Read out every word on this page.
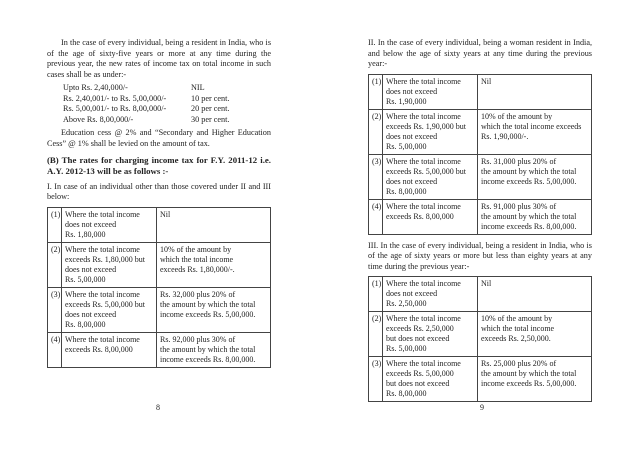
In the case of every individual, being a resident in India, who is of the age of sixty-five years or more at any time during the previous year, the new rates of income tax on total income in such cases shall be as under:-

Upto Rs. 2,40,000/-	NIL
Rs. 2,40,001/- to Rs. 5,00,000/-	10 per cent.
Rs. 5,00,001/- to Rs. 8,00,000/-	20 per cent.
Above Rs. 8,00,000/-	30 per cent.

Education cess @ 2% and “Secondary and Higher Education Cess” @ 1% shall be levied on the amount of tax.

(B) The rates for charging income tax for F.Y. 2011-12 i.e. A.Y. 2012-13 will be as follows :-

I. In case of an individual other than those covered under II and III below:

(1)	Where the total income
does not exceed
Rs. 1,80,000	Nil

(2)	Where the total income
exceeds Rs. 1,80,000 but
does not exceed
Rs. 5,00,000	10% of the amount by
which the total income
exceeds Rs. 1,80,000/-.

(3)	Where the total income
exceeds Rs. 5,00,000 but
does not exceed
Rs. 8,00,000	Rs. 32,000 plus 20% of
the amount by which the total
income exceeds Rs. 5,00,000.

(4)	Where the total income
exceeds Rs. 8,00,000	Rs. 92,000 plus 30% of
the amount by which the total
income exceeds Rs. 8,00,000.
8

II. In the case of every individual, being a woman resident in India, and below the age of sixty years at any time during the previous year:-

(1)	Where the total income
does not exceed
Rs. 1,90,000	Nil

(2)	Where the total income
exceeds Rs. 1,90,000 but
does not exceed
Rs. 5,00,000	10% of the amount by
which the total income exceeds
Rs. 1,90,000/-.

(3)	Where the total income
exceeds Rs. 5,00,000 but
does not exceed
Rs. 8,00,000	Rs. 31,000 plus 20% of
the amount by which the total
income exceeds Rs. 5,00,000.

(4)	Where the total income
exceeds Rs. 8,00,000	Rs. 91,000 plus 30% of
the amount by which the total
income exceeds Rs. 8,00,000.

III. In the case of every individual, being a resident in India, who is of the age of sixty years or more but less than eighty years at any time during the previous year:-

(1)	Where the total income
does not exceed
Rs. 2,50,000	Nil

(2)	Where the total income
exceeds Rs. 2,50,000
but does not exceed
Rs. 5,00,000	10% of the amount by
which the total income
exceeds Rs. 2,50,000.

(3)	Where the total income
exceeds Rs. 5,00,000
but does not exceed
Rs. 8,00,000	Rs. 25,000 plus 20% of
the amount by which the total
income exceeds Rs. 5,00,000.
9
